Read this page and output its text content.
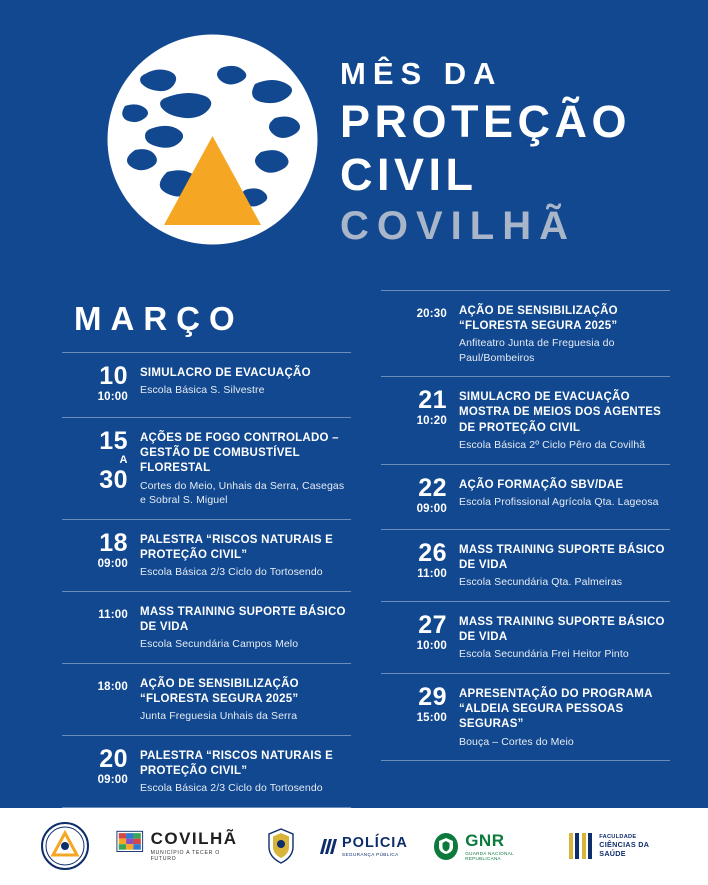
MÊS DA
PROTEÇÃO
CIVIL
COVILHÃ
MARÇO
10
10:00
SIMULACRO DE EVACUAÇÃO
Escola Básica S. Silvestre
15
A
30
AÇÕES DE FOGO CONTROLADO – GESTÃO DE COMBUSTÍVEL FLORESTAL
Cortes do Meio, Unhais da Serra, Casegas e Sobral S. Miguel
18
09:00
PALESTRA “RISCOS NATURAIS E PROTEÇÃO CIVIL”
Escola Básica 2/3 Ciclo do Tortosendo
11:00 MASS TRAINING SUPORTE BÁSICO DE VIDA
Escola Secundária Campos Melo
18:00 AÇÃO DE SENSIBILIZAÇÃO “FLORESTA SEGURA 2025”
Junta Freguesia Unhais da Serra
20
09:00
PALESTRA “RISCOS NATURAIS E PROTEÇÃO CIVIL”
Escola Básica 2/3 Ciclo do Tortosendo
20:30 AÇÃO DE SENSIBILIZAÇÃO “FLORESTA SEGURA 2025”
Anfiteatro Junta de Freguesia do Paul/Bombeiros
21
10:20
SIMULACRO DE EVACUAÇÃO MOSTRA DE MEIOS DOS AGENTES DE PROTEÇÃO CIVIL
Escola Básica 2º Ciclo Pêro da Covilhã
22
09:00
AÇÃO FORMAÇÃO SBV/DAE
Escola Profissional Agrícola Qta. Lageosa
26
11:00
MASS TRAINING SUPORTE BÁSICO DE VIDA
Escola Secundária Qta. Palmeiras
27
10:00
MASS TRAINING SUPORTE BÁSICO DE VIDA
Escola Secundária Frei Heitor Pinto
29
15:00
APRESENTAÇÃO DO PROGRAMA “ALDEIA SEGURA PESSOAS SEGURAS”
Bouça – Cortes do Meio
COVILHÃ
MUNICÍPIO A TECER O FUTURO
POLÍCIA
SEGURANÇA PÚBLICA
GNR
GUARDA NACIONAL REPUBLICANA
FACULDADE
CIÊNCIAS DA SAÚDE
